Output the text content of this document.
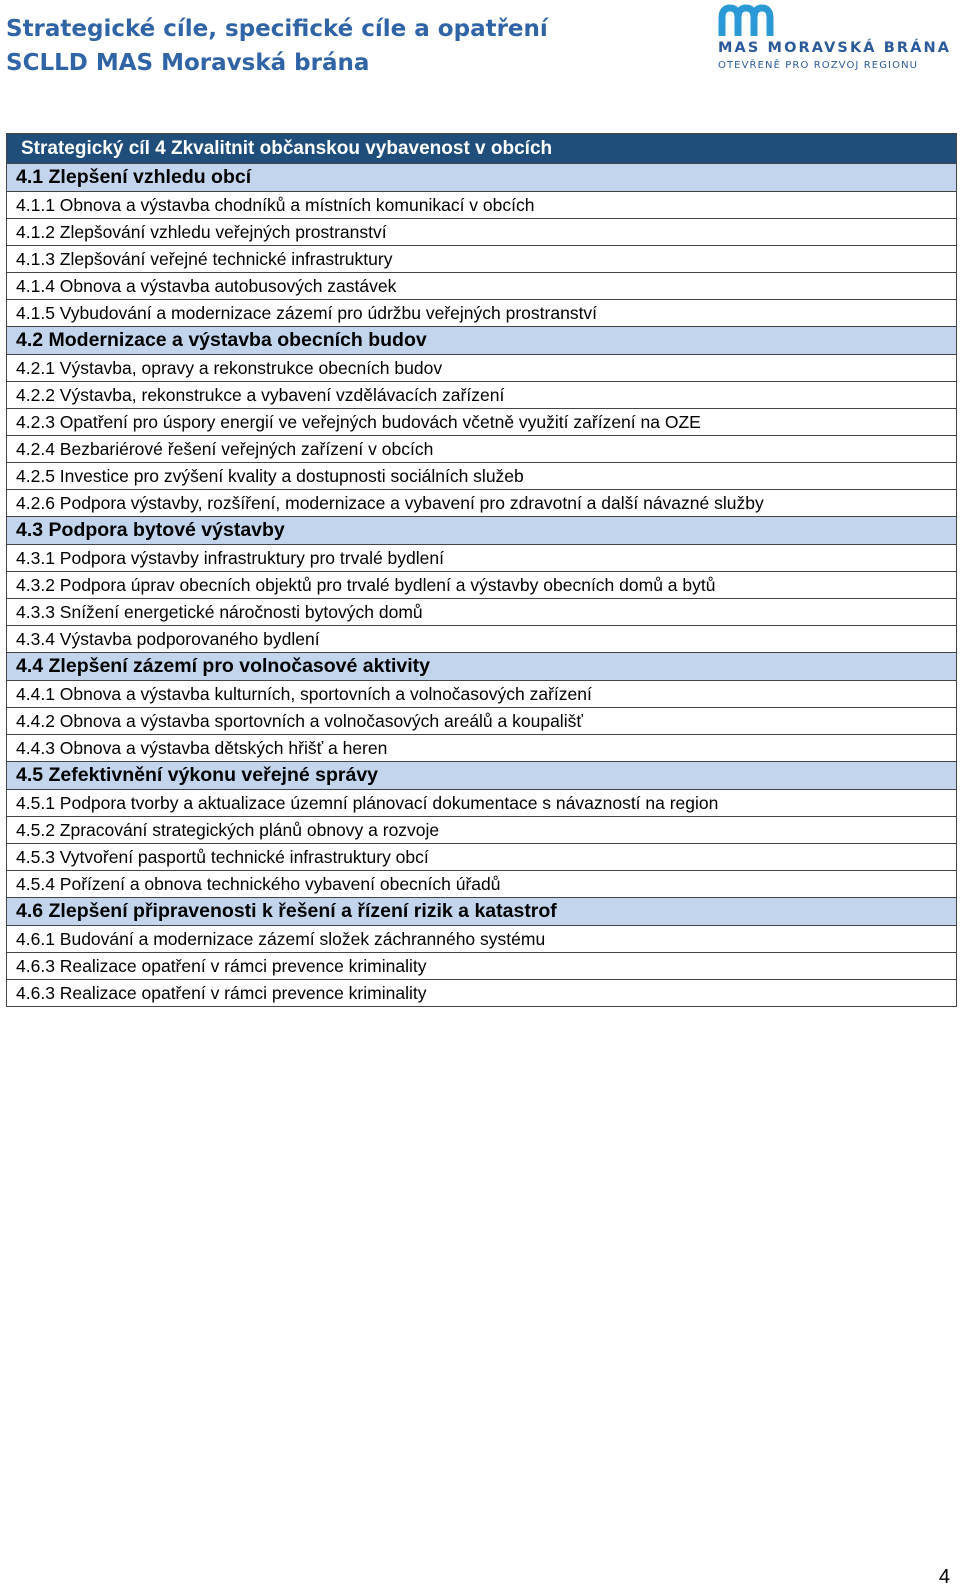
Strategické cíle, specifické cíle a opatření
SCLLD MAS Moravská brána
MAS MORAVSKÁ BRÁNA
OTEVŘENĚ PRO ROZVOJ REGIONU
Strategický cíl 4 Zkvalitnit občanskou vybavenost v obcích
4.1 Zlepšení vzhledu obcí
4.1.1 Obnova a výstavba chodníků a místních komunikací v obcích
4.1.2 Zlepšování vzhledu veřejných prostranství
4.1.3 Zlepšování veřejné technické infrastruktury
4.1.4 Obnova a výstavba autobusových zastávek
4.1.5 Vybudování a modernizace zázemí pro údržbu veřejných prostranství
4.2 Modernizace a výstavba obecních budov
4.2.1 Výstavba, opravy a rekonstrukce obecních budov
4.2.2 Výstavba, rekonstrukce a vybavení vzdělávacích zařízení
4.2.3 Opatření pro úspory energií ve veřejných budovách včetně využití zařízení na OZE
4.2.4 Bezbariérové řešení veřejných zařízení v obcích
4.2.5 Investice pro zvýšení kvality a dostupnosti sociálních služeb
4.2.6 Podpora výstavby, rozšíření, modernizace a vybavení pro zdravotní a další návazné služby
4.3 Podpora bytové výstavby
4.3.1 Podpora výstavby infrastruktury pro trvalé bydlení
4.3.2 Podpora úprav obecních objektů pro trvalé bydlení a výstavby obecních domů a bytů
4.3.3 Snížení energetické náročnosti bytových domů
4.3.4 Výstavba podporovaného bydlení
4.4 Zlepšení zázemí pro volnočasové aktivity
4.4.1 Obnova a výstavba kulturních, sportovních a volnočasových zařízení
4.4.2 Obnova a výstavba sportovních a volnočasových areálů a koupališť
4.4.3 Obnova a výstavba dětských hřišť a heren
4.5 Zefektivnění výkonu veřejné správy
4.5.1 Podpora tvorby a aktualizace územní plánovací dokumentace s návazností na region
4.5.2 Zpracování strategických plánů obnovy a rozvoje
4.5.3 Vytvoření pasportů technické infrastruktury obcí
4.5.4 Pořízení a obnova technického vybavení obecních úřadů
4.6 Zlepšení připravenosti k řešení a řízení rizik a katastrof
4.6.1 Budování a modernizace zázemí složek záchranného systému
4.6.3 Realizace opatření v rámci prevence kriminality
4.6.3 Realizace opatření v rámci prevence kriminality
4
